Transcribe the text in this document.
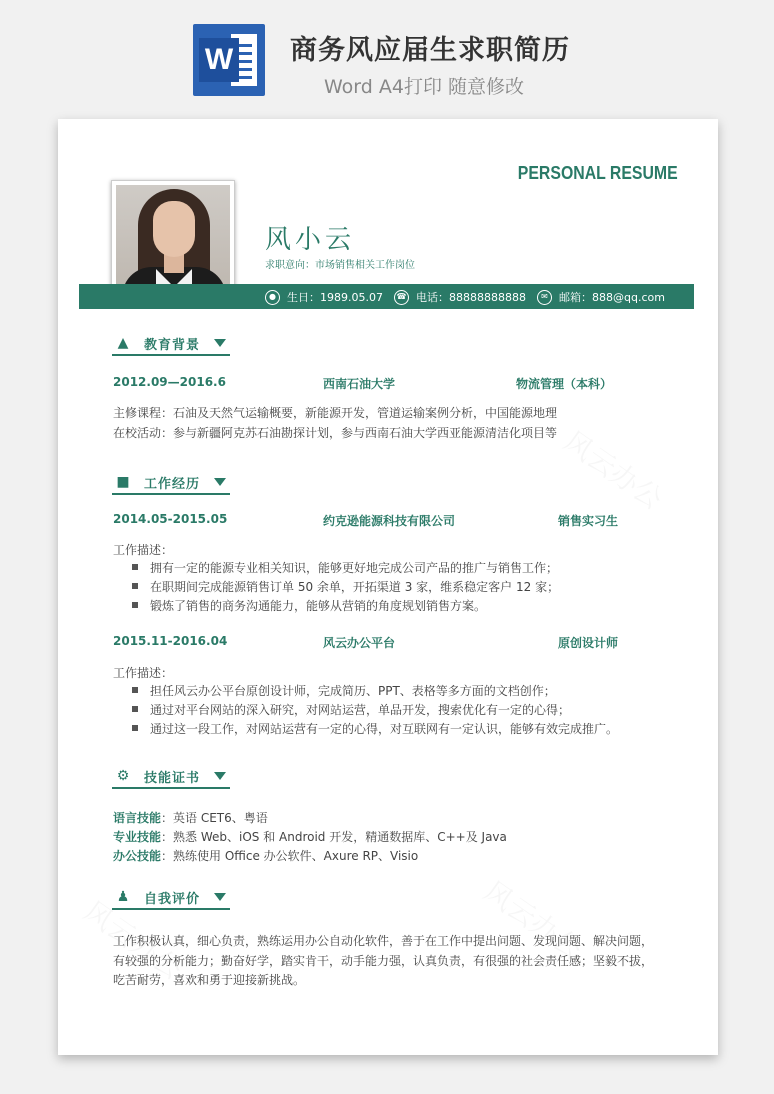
W 商务风应届生求职简历
Word A4打印 随意修改
PERSONAL RESUME
风小云
求职意向：市场销售相关工作岗位
●	生日：1989.05.07	☎ 电话：88888888888	✉	邮箱：888@qq.com
▲ 教育背景
2012.09—2016.6	西南石油大学	物流管理（本科）
主修课程：石油及天然气运输概要，新能源开发，管道运输案例分析，中国能源地理
在校活动：参与新疆阿克苏石油勘探计划，参与西南石油大学西亚能源清洁化项目等
■ 工作经历
2014.05-2015.05	约克逊能源科技有限公司	销售实习生
工作描述：
拥有一定的能源专业相关知识，能够更好地完成公司产品的推广与销售工作；
在职期间完成能源销售订单 50 余单，开拓渠道 3 家，维系稳定客户 12 家；
锻炼了销售的商务沟通能力，能够从营销的角度规划销售方案。
2015.11-2016.04	风云办公平台	原创设计师
工作描述：
担任风云办公平台原创设计师，完成简历、PPT、表格等多方面的文档创作；
通过对平台网站的深入研究，对网站运营，单品开发，搜索优化有一定的心得；
通过这一段工作，对网站运营有一定的心得，对互联网有一定认识，能够有效完成推广。
⚙ 技能证书
语言技能：英语 CET6、粤语
专业技能：熟悉 Web、iOS 和 Android 开发，精通数据库、C++及 Java
办公技能：熟练使用 Office 办公软件、Axure RP、Visio
♟ 自我评价
工作积极认真，细心负责，熟练运用办公自动化软件，善于在工作中提出问题、发现问题、解决问题，
有较强的分析能力；勤奋好学，踏实肯干，动手能力强，认真负责，有很强的社会责任感；坚毅不拔，
吃苦耐劳，喜欢和勇于迎接新挑战。
